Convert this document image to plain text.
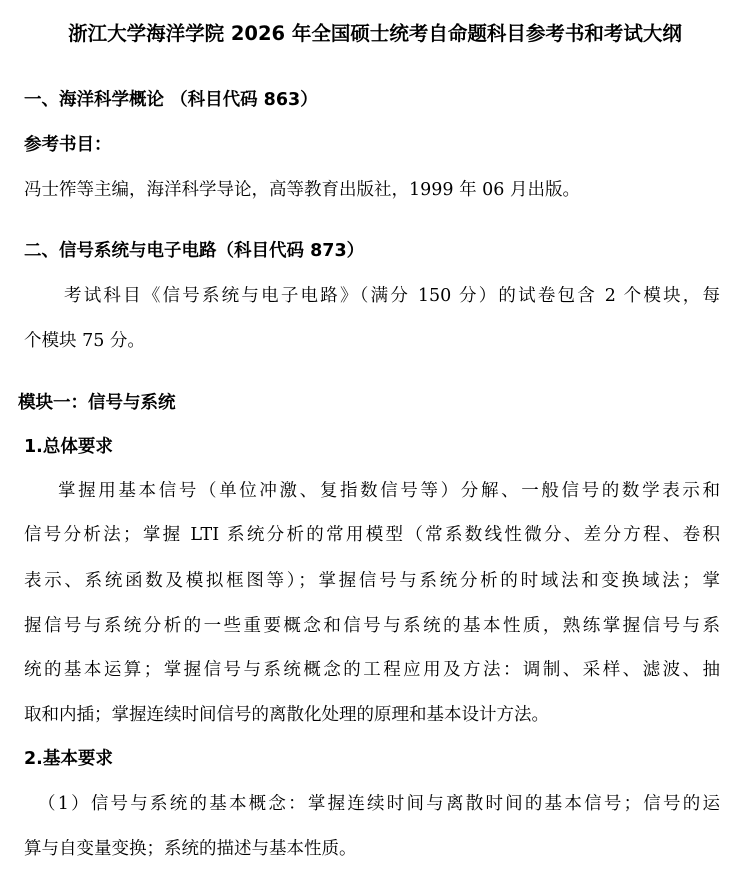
浙江大学海洋学院 2026 年全国硕士统考自命题科目参考书和考试大纲
一、海洋科学概论 （科目代码 863）
参考书目：
冯士筰等主编，海洋科学导论，高等教育出版社，1999 年 06 月出版。
二、信号系统与电子电路（科目代码 873）
考试科目《信号系统与电子电路》（满分 150 分）的试卷包含 2 个模块，每
个模块 75 分。
模块一：信号与系统
1.总体要求
掌握用基本信号（单位冲激、复指数信号等）分解、一般信号的数学表示和
信号分析法；掌握 LTI 系统分析的常用模型（常系数线性微分、差分方程、卷积
表示、系统函数及模拟框图等）；掌握信号与系统分析的时域法和变换域法；掌
握信号与系统分析的一些重要概念和信号与系统的基本性质，熟练掌握信号与系
统的基本运算；掌握信号与系统概念的工程应用及方法：调制、采样、滤波、抽
取和内插；掌握连续时间信号的离散化处理的原理和基本设计方法。
2.基本要求
（1）信号与系统的基本概念：掌握连续时间与离散时间的基本信号；信号的运
算与自变量变换；系统的描述与基本性质。
